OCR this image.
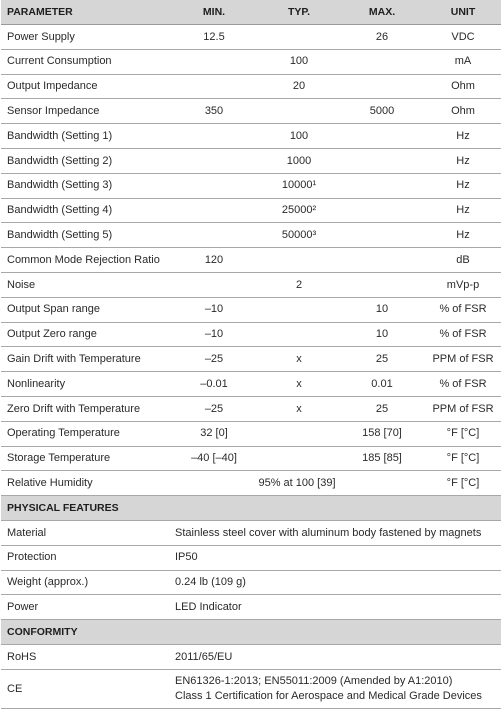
PARAMETER	MIN.	TYP.	MAX.	UNIT
Power Supply	12.5		26	VDC
Current Consumption		100		mA
Output Impedance		20		Ohm
Sensor Impedance	350		5000	Ohm
Bandwidth (Setting 1)		100		Hz
Bandwidth (Setting 2)		1000		Hz
Bandwidth (Setting 3)		10000¹		Hz
Bandwidth (Setting 4)		25000²		Hz
Bandwidth (Setting 5)		50000³		Hz
Common Mode Rejection Ratio	120			dB
Noise		2		mVp-p
Output Span range	–10		10	% of FSR
Output Zero range	–10		10	% of FSR
Gain Drift with Temperature	–25	x	25	PPM of FSR
Nonlinearity	–0.01	x	0.01	% of FSR
Zero Drift with Temperature	–25	x	25	PPM of FSR
Operating Temperature	32 [0]		158 [70]	°F [°C]
Storage Temperature	–40 [–40]		185 [85]	°F [°C]
Relative Humidity	95% at 100 [39]			°F [°C]
PHYSICAL FEATURES				
Material	Stainless steel cover with aluminum body fastened by magnets			
Protection	IP50			
Weight (approx.)	0.24 lb (109 g)			
Power	LED Indicator			
CONFORMITY				
RoHS	2011/65/EU			
CE	EN61326-1:2013; EN55011:2009 (Amended by A1:2010)
Class 1 Certification for Aerospace and Medical Grade Devices			
